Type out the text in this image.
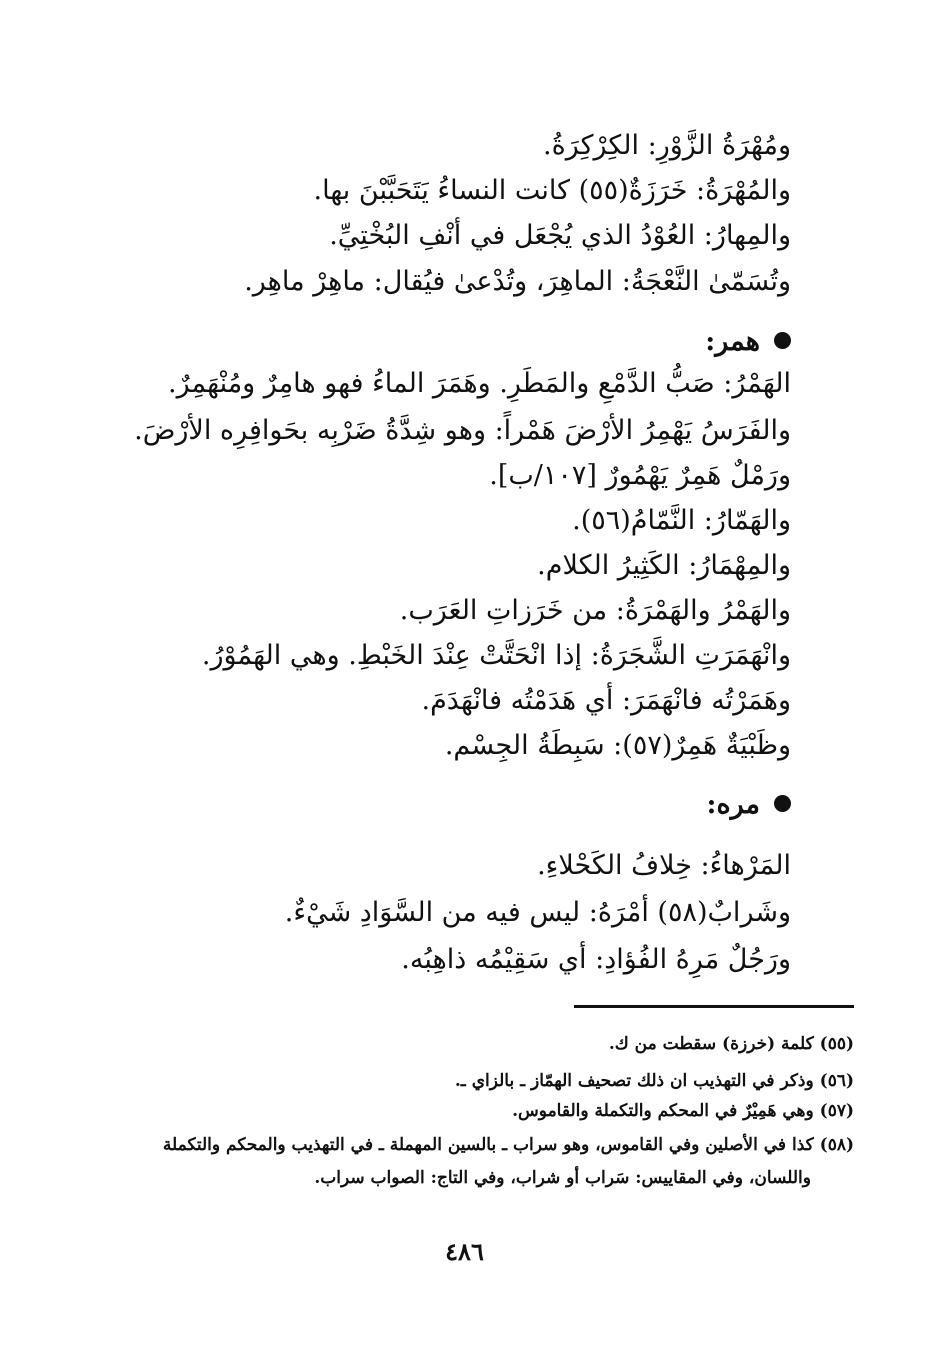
ومُهْرَةُ الزَّوْرِ: الكِرْكِرَةُ.
والمُهْرَةُ: خَرَزَةٌ(٥٥) كانت النساءُ يَتَحَبَّبْنَ بها.
والمِهارُ: العُوْدُ الذي يُجْعَل في أنْفِ البُخْتِيِّ.
وتُسَمّىٰ النَّعْجَةُ: الماهِرَ، وتُدْعىٰ فيُقال: ماهِرْ ماهِر.
همر:
الهَمْرُ: صَبُّ الدَّمْعِ والمَطَرِ. وهَمَرَ الماءُ فهو هامِرٌ ومُنْهَمِرٌ.
والفَرَسُ يَهْمِرُ الأرْضَ هَمْراً: وهو شِدَّةُ ضَرْبِه بحَوافِرِه الأرْضَ.
ورَمْلٌ هَمِرٌ يَهْمُورٌ [١٠٧/ب].
والهَمّارُ: النَّمّامُ(٥٦).
والمِهْمَارُ: الكَثِيرُ الكلام.
والهَمْرُ والهَمْرَةُ: من خَرَزاتِ العَرَب.
وانْهَمَرَتِ الشَّجَرَةُ: إذا انْحَتَّتْ عِنْدَ الخَبْطِ. وهي الهَمُوْرُ.
وهَمَرْتُه فانْهَمَرَ: أي هَدَمْتُه فانْهَدَمَ.
وظَبْيَةٌ هَمِرٌ(٥٧): سَبِطَةُ الجِسْم.
مره:
المَرْهاءُ: خِلافُ الكَحْلاءِ.
وشَرابٌ(٥٨) أمْرَهُ: ليس فيه من السَّوَادِ شَيْءٌ.
ورَجُلٌ مَرِهُ الفُؤادِ: أي سَقِيْمُه ذاهِبُه.
(٥٥) كلمة (خرزة) سقطت من ك.
(٥٦) وذكر في التهذيب ان ذلك تصحيف الهمّاز ـ بالزاي ـ.
(٥٧) وهي هَمِيْرٌ في المحكم والتكملة والقاموس.
(٥٨) كذا في الأصلين وفي القاموس، وهو سراب ـ بالسين المهملة ـ في التهذيب والمحكم والتكملة
واللسان، وفي المقاييس: سَراب أو شراب، وفي التاج: الصواب سراب.
٤٨٦
